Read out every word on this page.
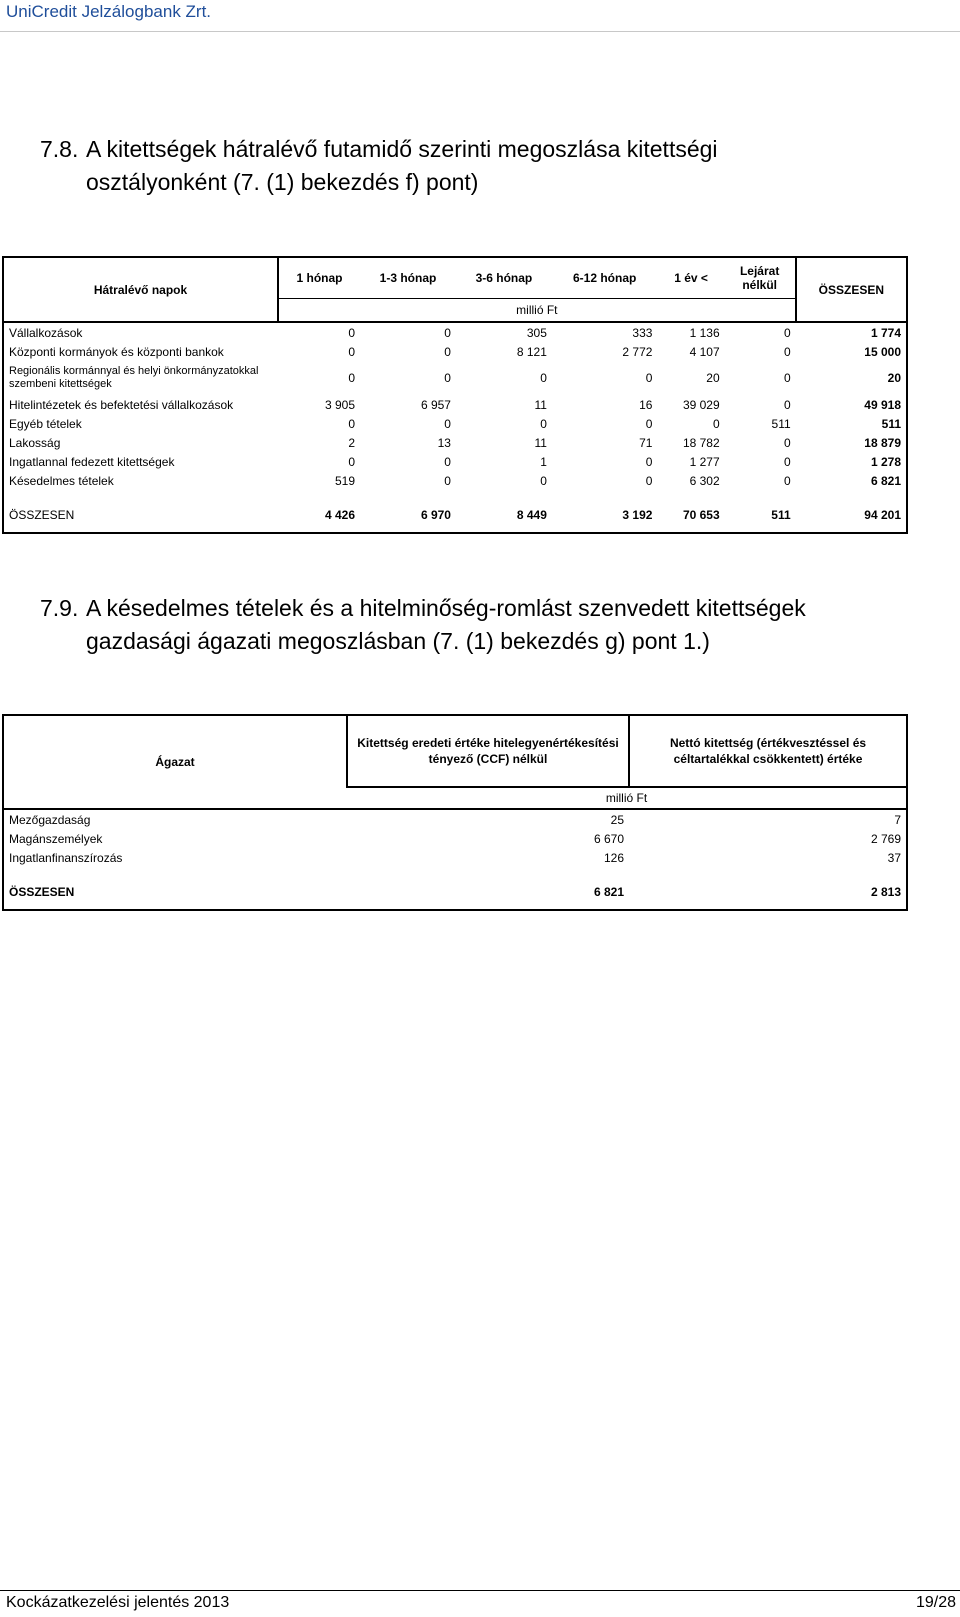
UniCredit Jelzálogbank Zrt.
7.8. A kitettségek hátralévő futamidő szerinti megoszlása kitettségi
osztályonként (7. (1) bekezdés f) pont)
Hátralévő napok	1 hónap	1-3 hónap	3-6 hónap	6-12 hónap	1 év <	Lejárat nélkül	ÖSSZESEN
	millió Ft						
Vállalkozások	0	0	305	333	1 136	0	1 774
Központi kormányok és központi bankok	0	0	8 121	2 772	4 107	0	15 000
Regionális kormánnyal és helyi önkormányzatokkal szembeni kitettségek	0	0	0	0	20	0	20
Hitelintézetek és befektetési vállalkozások	3 905	6 957	11	16	39 029	0	49 918
Egyéb tételek	0	0	0	0	0	511	511
Lakosság	2	13	11	71	18 782	0	18 879
Ingatlannal fedezett kitettségek	0	0	1	0	1 277	0	1 278
Késedelmes tételek	519	0	0	0	6 302	0	6 821

ÖSSZESEN	4 426	6 970	8 449	3 192	70 653	511	94 201
7.9. A késedelmes tételek és a hitelminőség-romlást szenvedett kitettségek
gazdasági ágazati megoszlásban (7. (1) bekezdés g) pont 1.)
Ágazat	Kitettség eredeti értéke hitelegyenértékesítési tényező (CCF) nélkül	Nettó kitettség (értékvesztéssel és céltartalékkal csökkentett) értéke
	millió Ft	
Mezőgazdaság	25	7
Magánszemélyek	6 670	2 769
Ingatlanfinanszírozás	126	37

ÖSSZESEN	6 821	2 813
Kockázatkezelési jelentés 2013	19/28
